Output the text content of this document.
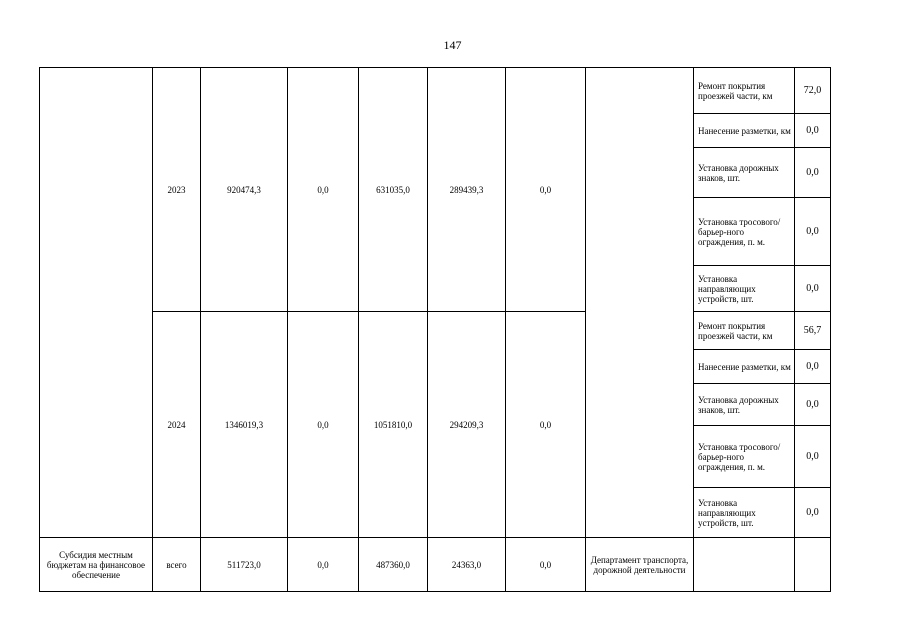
147
	2023	920474,3	0,0	631035,0	289439,3	0,0		Ремонт покрытия проезжей части, км	72,0
								Нанесение разметки, км	0,0
								Установка дорожных знаков, шт.	0,0
								Установка тросового/барьер-ного ограждения, п. м.	0,0
								Установка направляющих устройств, шт.	0,0
	2024	1346019,3	0,0	1051810,0	294209,3	0,0		Ремонт покрытия проезжей части, км	56,7
								Нанесение разметки, км	0,0
								Установка дорожных знаков, шт.	0,0
								Установка тросового/барьер-ного ограждения, п. м.	0,0
								Установка направляющих устройств, шт.	0,0
Субсидия местным бюджетам на финансовое обеспечение	всего	511723,0	0,0	487360,0	24363,0	0,0	Департамент транспорта, дорожной деятельности		
